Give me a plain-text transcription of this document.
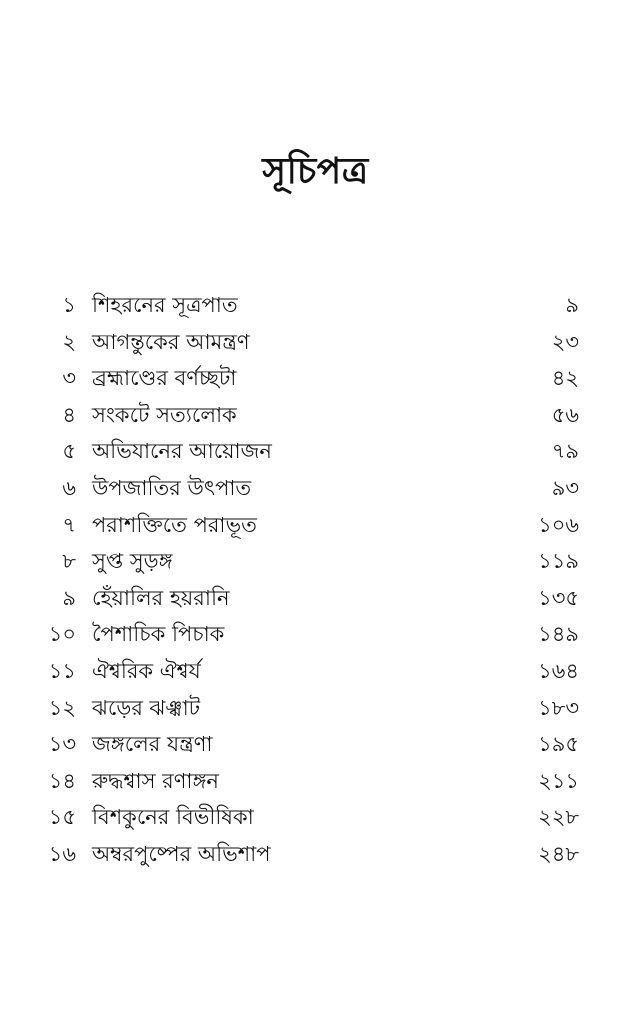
সূচিপত্র
১ শিহরনের সূত্রপাত	৯
২ আগন্তুকের আমন্ত্রণ	২৩
৩ ব্রহ্মাণ্ডের বর্ণচ্ছটা	৪২
৪ সংকটে সত্যলোক	৫৬
৫ অভিযানের আয়োজন	৭৯
৬ উপজাতির উৎপাত	৯৩
৭ পরাশক্তিতে পরাভূত	১০৬
৮ সুপ্ত সুড়ঙ্গ	১১৯
৯ হেঁয়ালির হয়রানি	১৩৫
১০ পৈশাচিক পিচাক	১৪৯
১১ ঐশ্বরিক ঐশ্বর্য	১৬৪
১২ ঝড়ের ঝঞ্ঝাট	১৮৩
১৩ জঙ্গলের যন্ত্রণা	১৯৫
১৪ রুদ্ধশ্বাস রণাঙ্গন	২১১
১৫ বিশকুনের বিভীষিকা	২২৮
১৬ অম্বরপুষ্পের অভিশাপ	২৪৮
